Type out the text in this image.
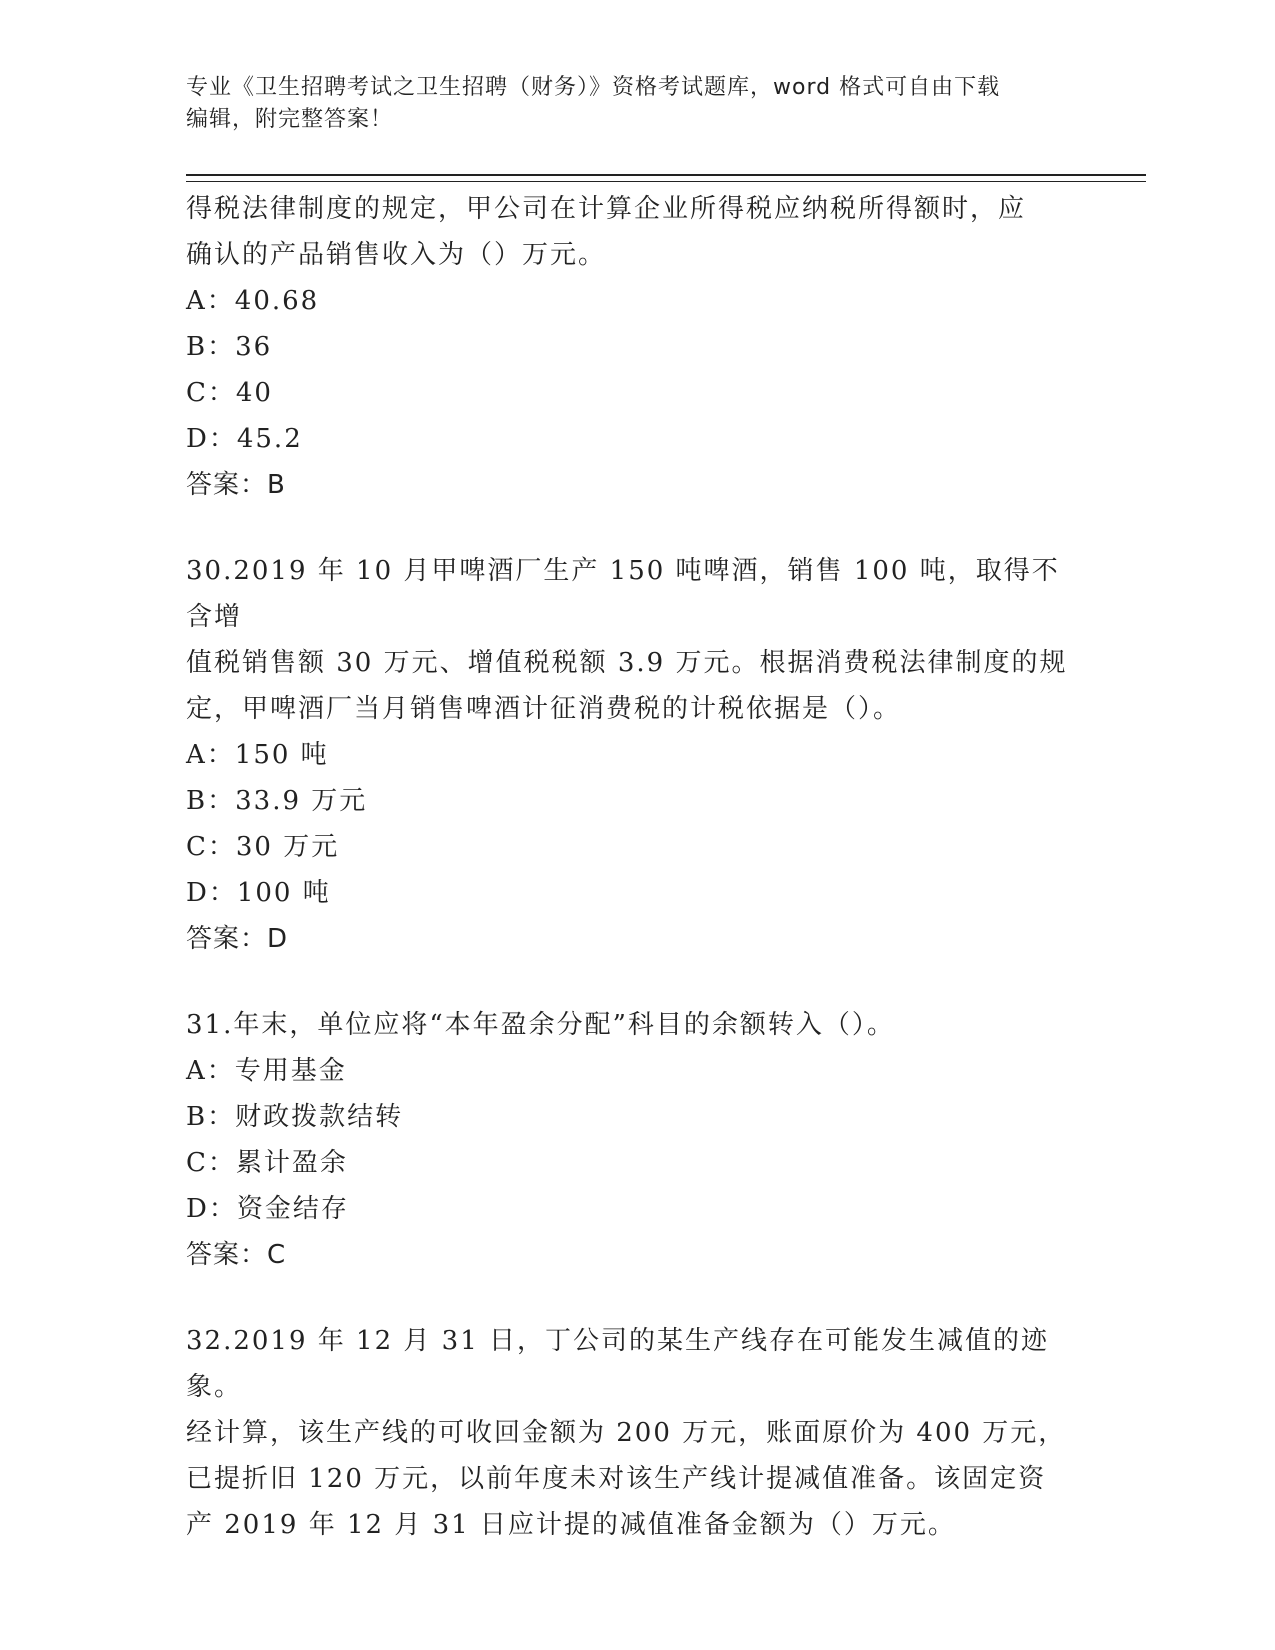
专业《卫生招聘考试之卫生招聘（财务）》资格考试题库，word 格式可自由下载
编辑，附完整答案！

得税法律制度的规定，甲公司在计算企业所得税应纳税所得额时，应

确认的产品销售收入为（）万元。

A：40.68

B：36

C：40

D：45.2

答案：B

30.2019 年 10 月甲啤酒厂生产 150 吨啤酒，销售 100 吨，取得不含增

值税销售额 30 万元、增值税税额 3.9 万元。根据消费税法律制度的规

定，甲啤酒厂当月销售啤酒计征消费税的计税依据是（）。

A：150 吨

B：33.9 万元

C：30 万元

D：100 吨

答案：D

31.年末，单位应将“本年盈余分配”科目的余额转入（）。

A：专用基金

B：财政拨款结转

C：累计盈余

D：资金结存

答案：C

32.2019 年 12 月 31 日，丁公司的某生产线存在可能发生减值的迹象。

经计算，该生产线的可收回金额为 200 万元，账面原价为 400 万元，

已提折旧 120 万元，以前年度未对该生产线计提减值准备。该固定资

产 2019 年 12 月 31 日应计提的减值准备金额为（）万元。
